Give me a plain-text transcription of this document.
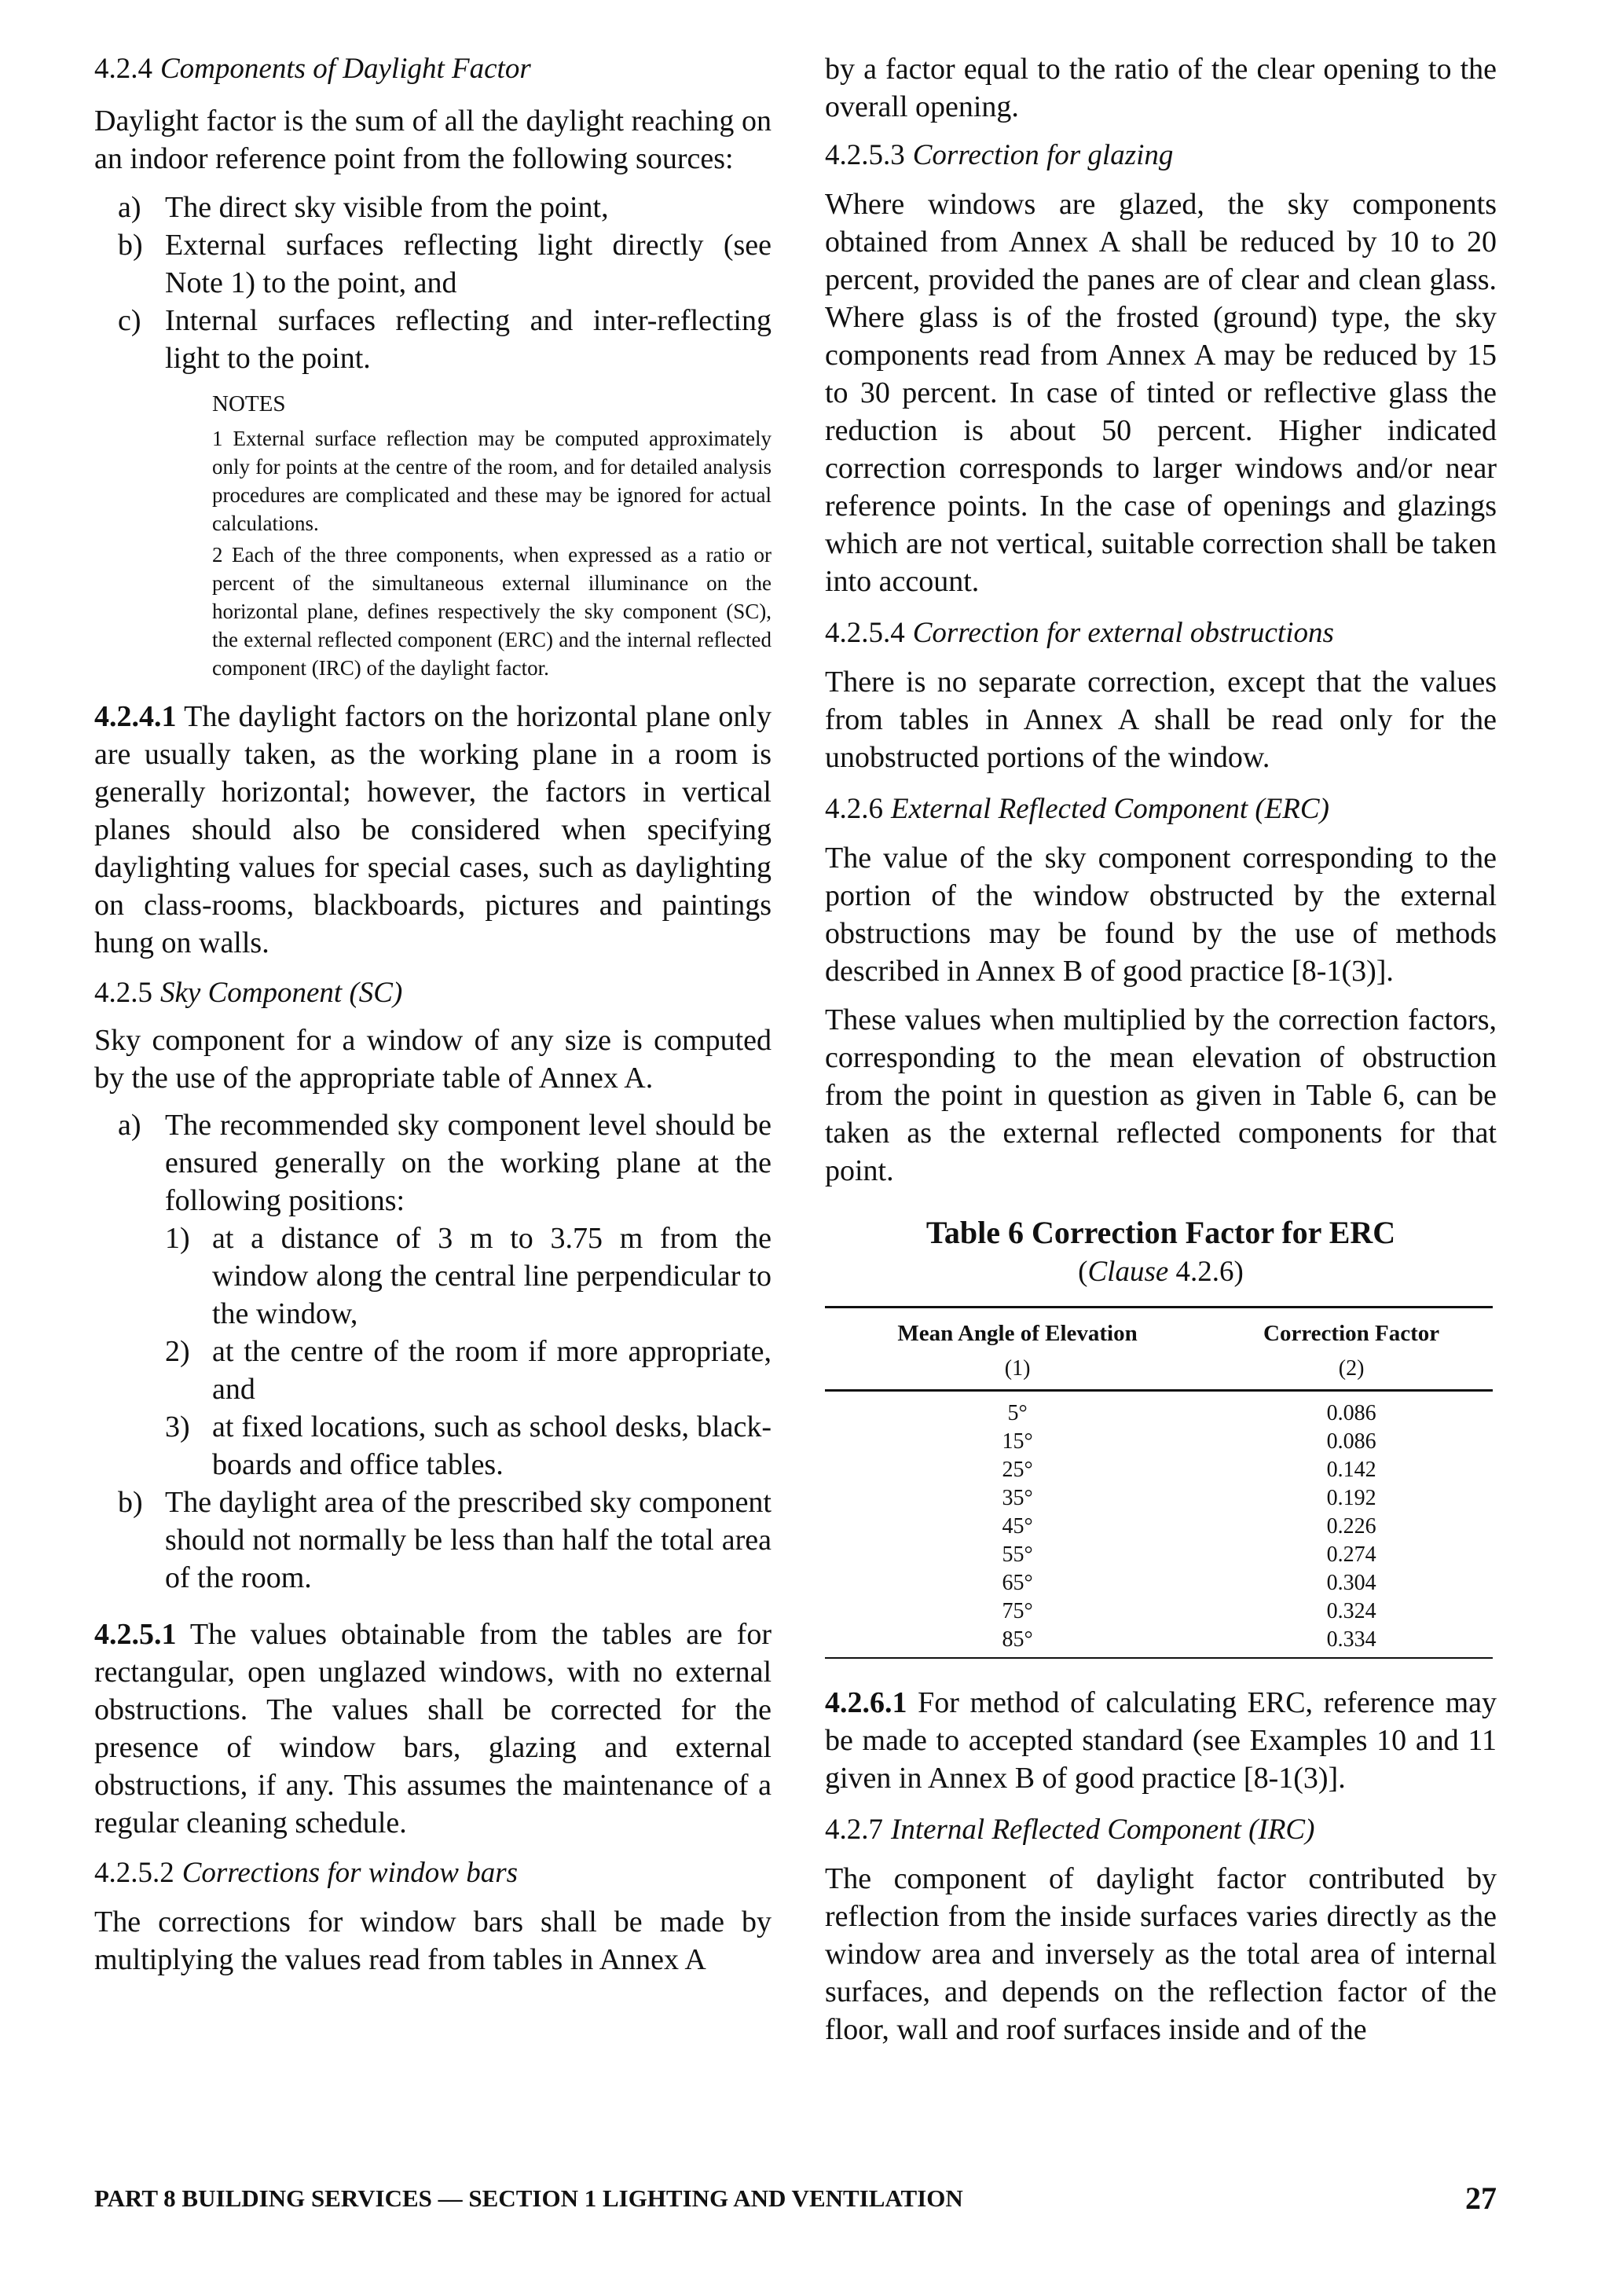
4.2.4 Components of Daylight Factor

Daylight factor is the sum of all the daylight reaching on an indoor reference point from the following sources:

a) The direct sky visible from the point,
b) External surfaces reflecting light directly (see Note 1) to the point, and
c) Internal surfaces reflecting and inter-reflecting light to the point.

NOTES

1 External surface reflection may be computed approximately only for points at the centre of the room, and for detailed analysis procedures are complicated and these may be ignored for actual calculations.

2 Each of the three components, when expressed as a ratio or percent of the simultaneous external illuminance on the horizontal plane, defines respectively the sky component (SC), the external reflected component (ERC) and the internal reflected component (IRC) of the daylight factor.

4.2.4.1 The daylight factors on the horizontal plane only are usually taken, as the working plane in a room is generally horizontal; however, the factors in vertical planes should also be considered when specifying daylighting values for special cases, such as daylighting on class-rooms, blackboards, pictures and paintings hung on walls.

4.2.5 Sky Component (SC)

Sky component for a window of any size is computed by the use of the appropriate table of Annex A.

a) The recommended sky component level should be ensured generally on the working plane at the following positions:
1) at a distance of 3 m to 3.75 m from the window along the central line perpendicular to the window,
2) at the centre of the room if more appropriate, and
3) at fixed locations, such as school desks, black-boards and office tables.
b) The daylight area of the prescribed sky component should not normally be less than half the total area of the room.

4.2.5.1 The values obtainable from the tables are for rectangular, open unglazed windows, with no external obstructions. The values shall be corrected for the presence of window bars, glazing and external obstructions, if any. This assumes the maintenance of a regular cleaning schedule.

4.2.5.2 Corrections for window bars

The corrections for window bars shall be made by multiplying the values read from tables in Annex A

by a factor equal to the ratio of the clear opening to the overall opening.

4.2.5.3 Correction for glazing

Where windows are glazed, the sky components obtained from Annex A shall be reduced by 10 to 20 percent, provided the panes are of clear and clean glass. Where glass is of the frosted (ground) type, the sky components read from Annex A may be reduced by 15 to 30 percent. In case of tinted or reflective glass the reduction is about 50 percent. Higher indicated correction corresponds to larger windows and/or near reference points. In the case of openings and glazings which are not vertical, suitable correction shall be taken into account.

4.2.5.4 Correction for external obstructions

There is no separate correction, except that the values from tables in Annex A shall be read only for the unobstructed portions of the window.

4.2.6 External Reflected Component (ERC)

The value of the sky component corresponding to the portion of the window obstructed by the external obstructions may be found by the use of methods described in Annex B of good practice [8-1(3)].

These values when multiplied by the correction factors, corresponding to the mean elevation of obstruction from the point in question as given in Table 6, can be taken as the external reflected components for that point.

Table 6 Correction Factor for ERC
(Clause 4.2.6)
Mean Angle of Elevation	Correction Factor
(1)	(2)
5°	0.086
15°	0.086
25°	0.142
35°	0.192
45°	0.226
55°	0.274
65°	0.304
75°	0.324
85°	0.334

4.2.6.1 For method of calculating ERC, reference may be made to accepted standard (see Examples 10 and 11 given in Annex B of good practice [8-1(3)].

4.2.7 Internal Reflected Component (IRC)

The component of daylight factor contributed by reflection from the inside surfaces varies directly as the window area and inversely as the total area of internal surfaces, and depends on the reflection factor of the floor, wall and roof surfaces inside and of the

PART 8 BUILDING SERVICES — SECTION 1 LIGHTING AND VENTILATION	27
